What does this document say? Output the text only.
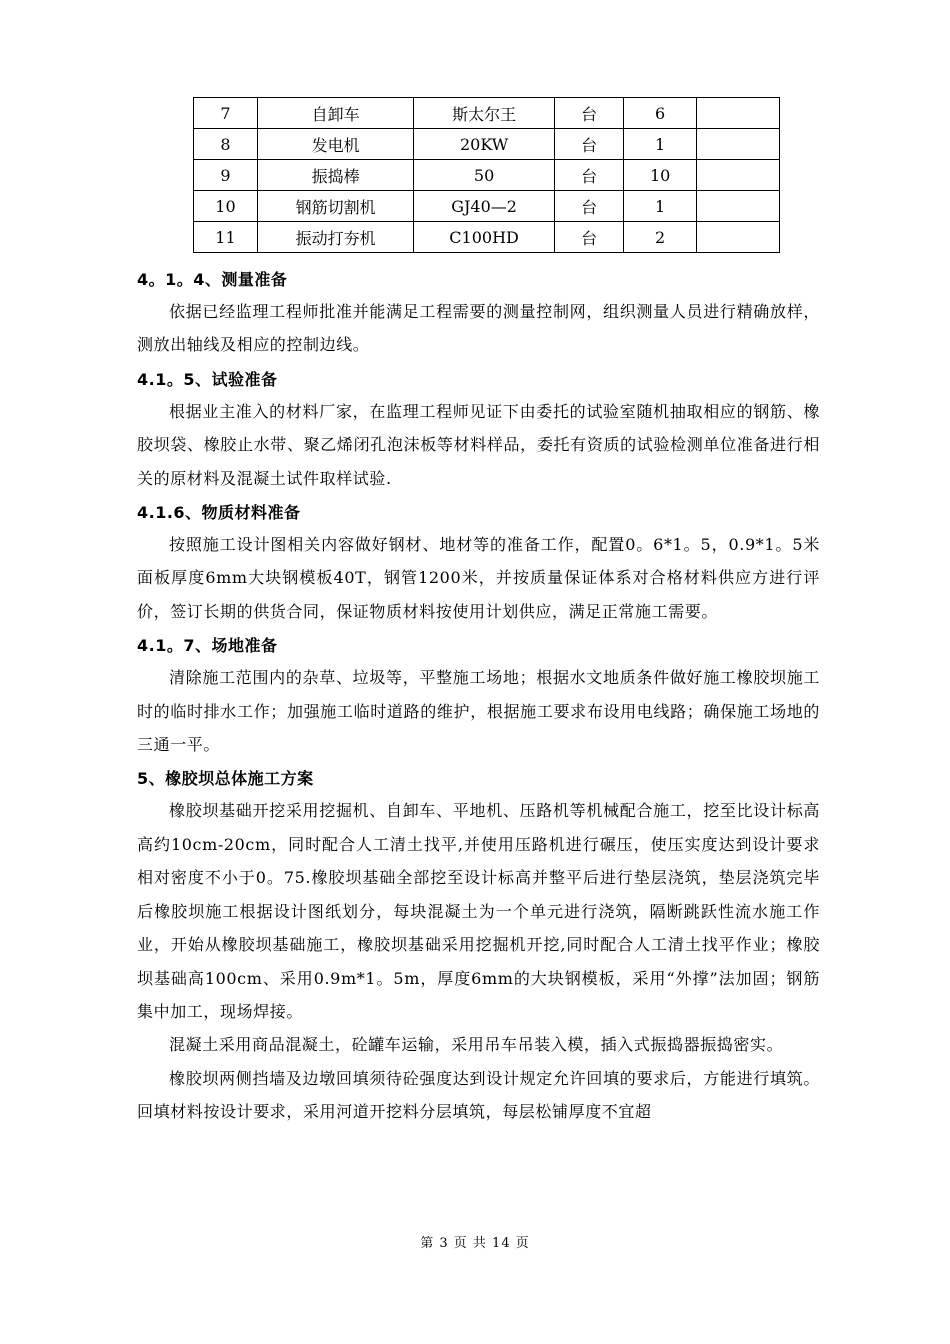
7	自卸车	斯太尔王	台	6	
8	发电机	20KW	台	1	
9	振捣棒	50	台	10	
10	钢筋切割机	GJ40—2	台	1	
11	振动打夯机	C100HD	台	2	
4。1。4、测量准备

依据已经监理工程师批准并能满足工程需要的测量控制网，组织测量人员进行精确放样，测放出轴线及相应的控制边线。

4.1。5、试验准备

根据业主准入的材料厂家，在监理工程师见证下由委托的试验室随机抽取相应的钢筋、橡胶坝袋、橡胶止水带、聚乙烯闭孔泡沫板等材料样品，委托有资质的试验检测单位准备进行相关的原材料及混凝土试件取样试验.

4.1.6、物质材料准备

按照施工设计图相关内容做好钢材、地材等的准备工作，配置0。6*1。5，0.9*1。5米面板厚度6mm大块钢模板40T，钢管1200米，并按质量保证体系对合格材料供应方进行评价，签订长期的供货合同，保证物质材料按使用计划供应，满足正常施工需要。

4.1。7、场地准备

清除施工范围内的杂草、垃圾等，平整施工场地；根据水文地质条件做好施工橡胶坝施工时的临时排水工作；加强施工临时道路的维护，根据施工要求布设用电线路；确保施工场地的三通一平。

5、橡胶坝总体施工方案

橡胶坝基础开挖采用挖掘机、自卸车、平地机、压路机等机械配合施工，挖至比设计标高高约10cm-20cm，同时配合人工清土找平,并使用压路机进行碾压，使压实度达到设计要求相对密度不小于0。75.橡胶坝基础全部挖至设计标高并整平后进行垫层浇筑，垫层浇筑完毕后橡胶坝施工根据设计图纸划分，每块混凝土为一个单元进行浇筑，隔断跳跃性流水施工作业，开始从橡胶坝基础施工，橡胶坝基础采用挖掘机开挖,同时配合人工清土找平作业；橡胶坝基础高100cm、采用0.9m*1。5m，厚度6mm的大块钢模板，采用“外撑”法加固；钢筋集中加工，现场焊接。

混凝土采用商品混凝土，砼罐车运输，采用吊车吊装入模，插入式振捣器振捣密实。

橡胶坝两侧挡墙及边墩回填须待砼强度达到设计规定允许回填的要求后，方能进行填筑。回填材料按设计要求，采用河道开挖料分层填筑，每层松铺厚度不宜超

第 3 页 共 14 页
